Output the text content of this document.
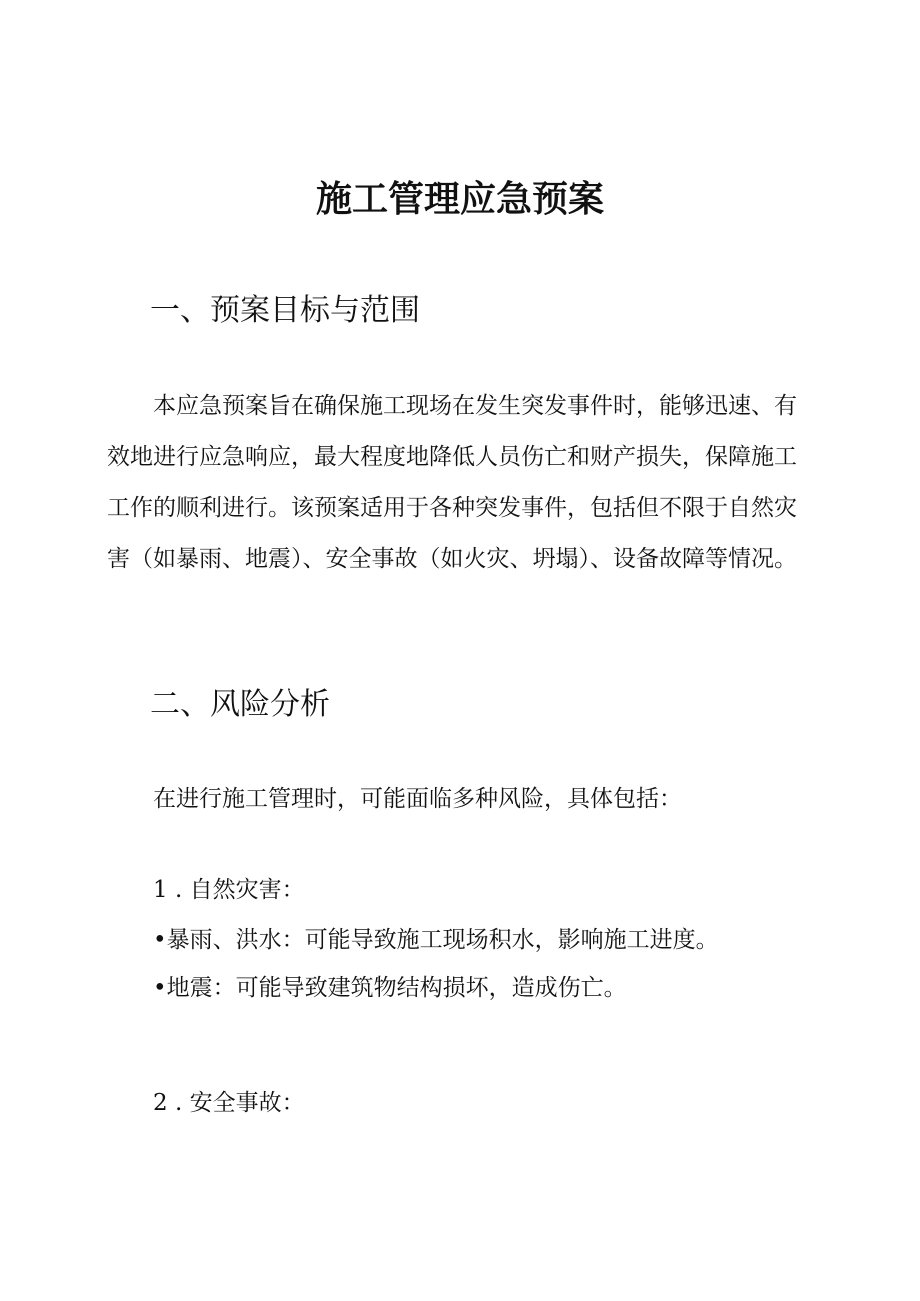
施工管理应急预案
一、预案目标与范围

本应急预案旨在确保施工现场在发生突发事件时，能够迅速、有效地进行应急响应，最大程度地降低人员伤亡和财产损失，保障施工工作的顺利进行。该预案适用于各种突发事件，包括但不限于自然灾害（如暴雨、地震）、安全事故（如火灾、坍塌）、设备故障等情况。

二、风险分析
在进行施工管理时，可能面临多种风险，具体包括：
1 . 自然灾害：
•暴雨、洪水：可能导致施工现场积水，影响施工进度。
•地震：可能导致建筑物结构损坏，造成伤亡。
2 . 安全事故：
